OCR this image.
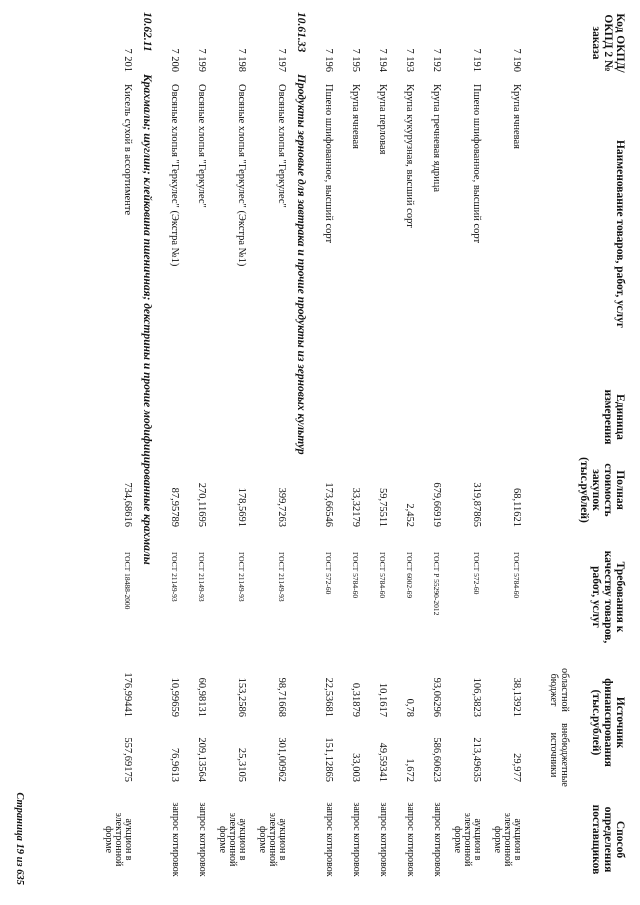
Код ОКПД/ ОКПД 2 № заказа
Наименование товаров, работ, услуг
Единица измерения
Полная стоимость закупок (тыс.рублей)
Требования к качеству товаров, работ, услуг
Источник финансирования (тыс.рублей)
областной бюджет
внебюджетные источники
Способ определения поставщиков
7 190
Крупа ячневая
68,11621
ГОСТ 5784-60
38,13921
29,977
аукцион в электронной форме
7 191
Пшено шлифованное, высший сорт
319,87865
ГОСТ 572-60
106,3823
213,49635
аукцион в электронной форме
7 192
Крупа гречневая ядрица
679,66919
ГОСТ Р 55290-2012
93,06296
586,60623
запрос котировок
7 193
Крупа кукурузная, высший сорт
2,452
ГОСТ 6002-69
0,78
1,672
запрос котировок
7 194
Крупа перловая
59,75511
ГОСТ 5784-60
10,1617
49,59341
запрос котировок
7 195
Крупа ячневая
33,32179
ГОСТ 5784-60
0,31879
33,003
запрос котировок
7 196
Пшено шлифованное, высший сорт
173,66546
ГОСТ 572-60
22,53681
151,12865
запрос котировок
10.61.33
Продукты зерновые для завтрака и прочие продукты из зерновых культур
7 197
Овсяные хлопья "Геркулес"
399,7263
ГОСТ 21149-93
98,71668
301,00962
аукцион в электронной форме
7 198
Овсяные хлопья "Геркулес" (Экстра №1)
178,5691
ГОСТ 21149-93
153,2586
25,3105
аукцион в электронной форме
7 199
Овсяные хлопья "Геркулес"
270,11695
ГОСТ 21149-93
60,98131
209,13564
запрос котировок
7 200
Овсяные хлопья "Геркулес" (Экстра №1)
87,95789
ГОСТ 21149-93
10,99659
76,9613
запрос котировок
10.62.11
Крахмалы; шуглин; клейковина пшеничная; декстрины и прочие модифицированные крахмалы
7 201
Кисель сухой в ассортименте
734,68616
ГОСТ 18488-2000
176,99441
557,69175
аукцион в электронной форме
Страница 19 из 635
